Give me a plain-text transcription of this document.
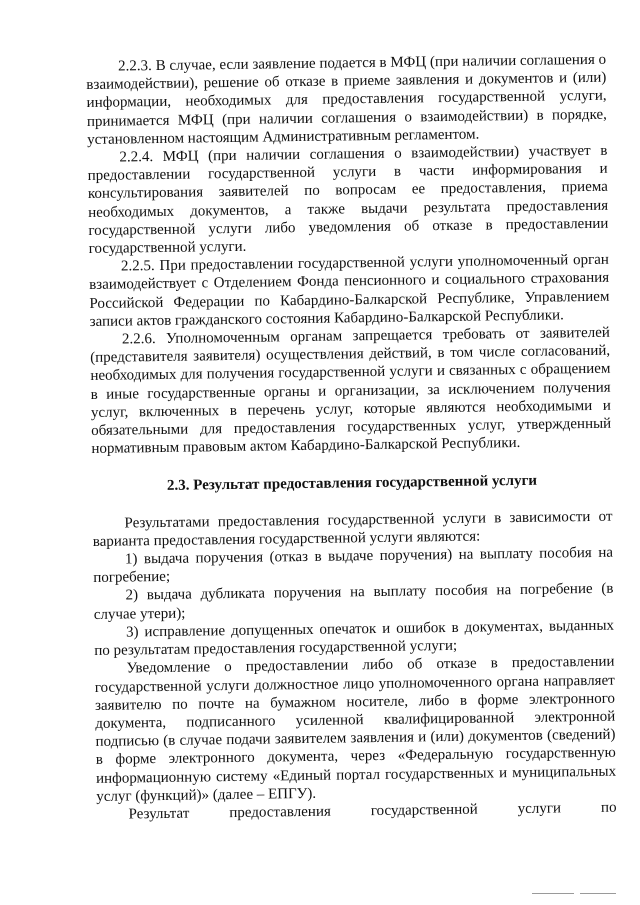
2.2.3. В случае, если заявление подается в МФЦ (при наличии соглашения о взаимодействии), решение об отказе в приеме заявления и документов и (или) информации, необходимых для предоставления государственной услуги, принимается МФЦ (при наличии соглашения о взаимодействии) в порядке, установленном настоящим Административным регламентом.

2.2.4. МФЦ (при наличии соглашения о взаимодействии) участвует в предоставлении государственной услуги в части информирования и консультирования заявителей по вопросам ее предоставления, приема необходимых документов, а также выдачи результата предоставления государственной услуги либо уведомления об отказе в предоставлении государственной услуги.

2.2.5. При предоставлении государственной услуги уполномоченный орган взаимодействует с Отделением Фонда пенсионного и социального страхования Российской Федерации по Кабардино-Балкарской Республике, Управлением записи актов гражданского состояния Кабардино-Балкарской Республики.

2.2.6. Уполномоченным органам запрещается требовать от заявителей (представителя заявителя) осуществления действий, в том числе согласований, необходимых для получения государственной услуги и связанных с обращением в иные государственные органы и организации, за исключением получения услуг, включенных в перечень услуг, которые являются необходимыми и обязательными для предоставления государственных услуг, утвержденный нормативным правовым актом Кабардино-Балкарской Республики.

2.3. Результат предоставления государственной услуги

Результатами предоставления государственной услуги в зависимости от варианта предоставления государственной услуги являются:

1) выдача поручения (отказ в выдаче поручения) на выплату пособия на погребение;

2) выдача дубликата поручения на выплату пособия на погребение (в случае утери);

3) исправление допущенных опечаток и ошибок в документах, выданных по результатам предоставления государственной услуги;

Уведомление о предоставлении либо об отказе в предоставлении государственной услуги должностное лицо уполномоченного органа направляет заявителю по почте на бумажном носителе, либо в форме электронного документа, подписанного усиленной квалифицированной электронной подписью (в случае подачи заявителем заявления и (или) документов (сведений) в форме электронного документа, через «Федеральную государственную информационную систему «Единый портал государственных и муниципальных услуг (функций)» (далее – ЕПГУ).

Результат предоставления государственной услуги по
